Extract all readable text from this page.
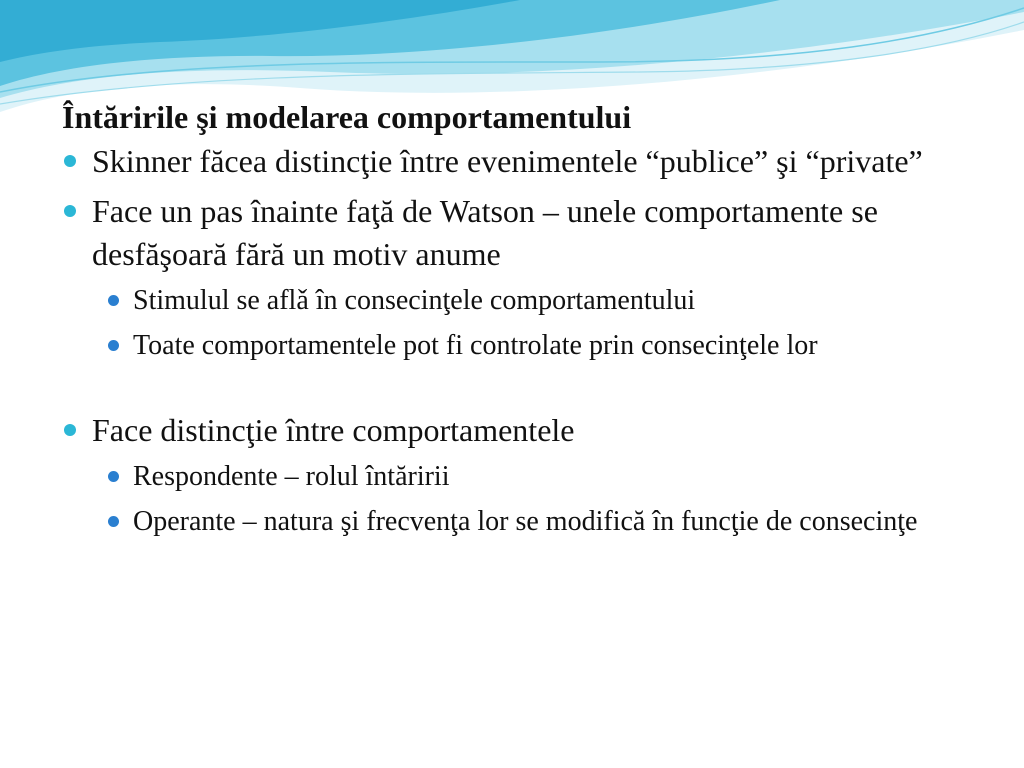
Întăririle şi modelarea comportamentului
Skinner făcea distincţie între evenimentele “publice” şi “private”
Face un pas înainte faţă de Watson – unele comportamente se desfăşoară fără un motiv anume
Stimulul se aflǎ în consecinţele comportamentului
Toate comportamentele pot fi controlate prin consecinţele lor
Face distincţie între comportamentele
Respondente – rolul întăririi
Operante – natura şi frecvenţa lor se modifică în funcţie de consecinţe
